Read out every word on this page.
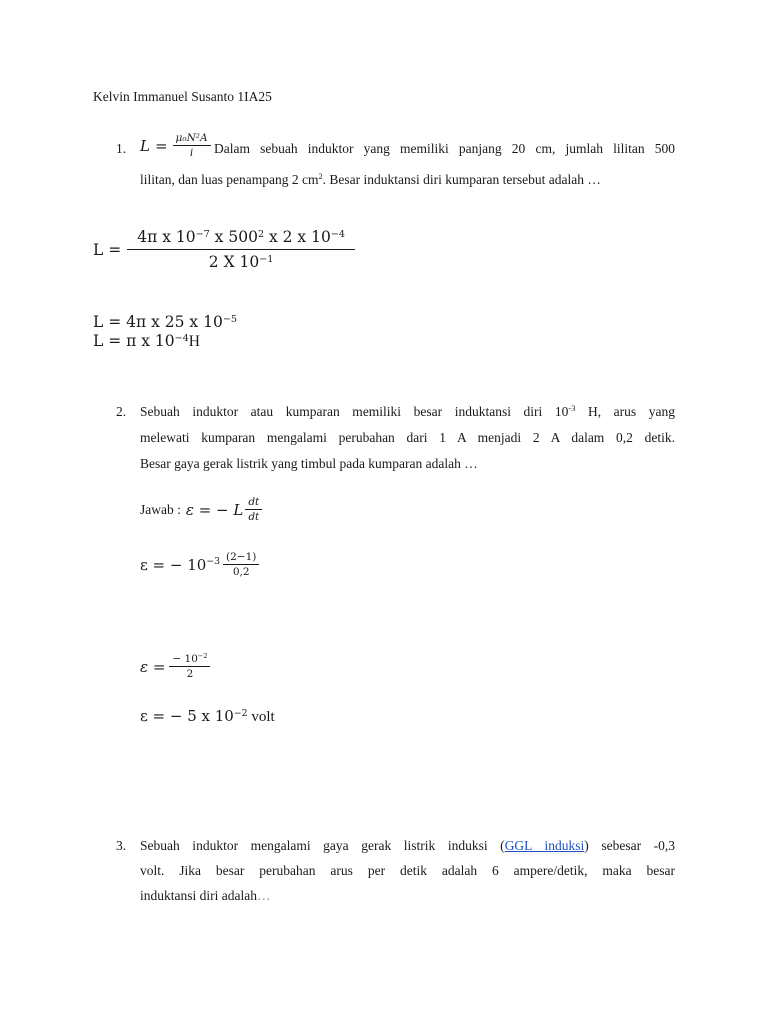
Kelvin Immanuel Susanto 1IA25
1. $L = \frac{\text{μ₀N²A}}{i}$ Dalam sebuah induktor yang memiliki panjang 20 cm, jumlah lilitan 500
lilitan, dan luas penampang 2 $cm^2$. Besar induktansi diri kumparan tersebut adalah …
$L = \frac{4\pi x 10^{-7} x 500^2 x 2 x 10^{-4}}{2 X 10^{-1}}$
L = 4π x 25 x $10^{-5}$
L = π x $10^{-4}H$
2. Sebuah induktor atau kumparan memiliki besar induktansi diri $10^{-3}$ H, arus yang
melewati kumparan mengalami perubahan dari 1 A menjadi 2 A dalam 0,2 detik.
Besar gaya gerak listrik yang timbul pada kumparan adalah …
Jawab : ε = − L $\frac{dt}{dt}$
ε = − $10^{-3} \frac{(2-1)}{0,2}$
$\varepsilon = \frac{- 10^{-2}}{2}$
ε = − 5 x $10^{-2}$ volt
3. Sebuah induktor mengalami gaya gerak listrik induksi (GGL induksi) sebesar -0,3
volt. Jika besar perubahan arus per detik adalah 6 ampere/detik, maka besar
induktansi diri adalah…
